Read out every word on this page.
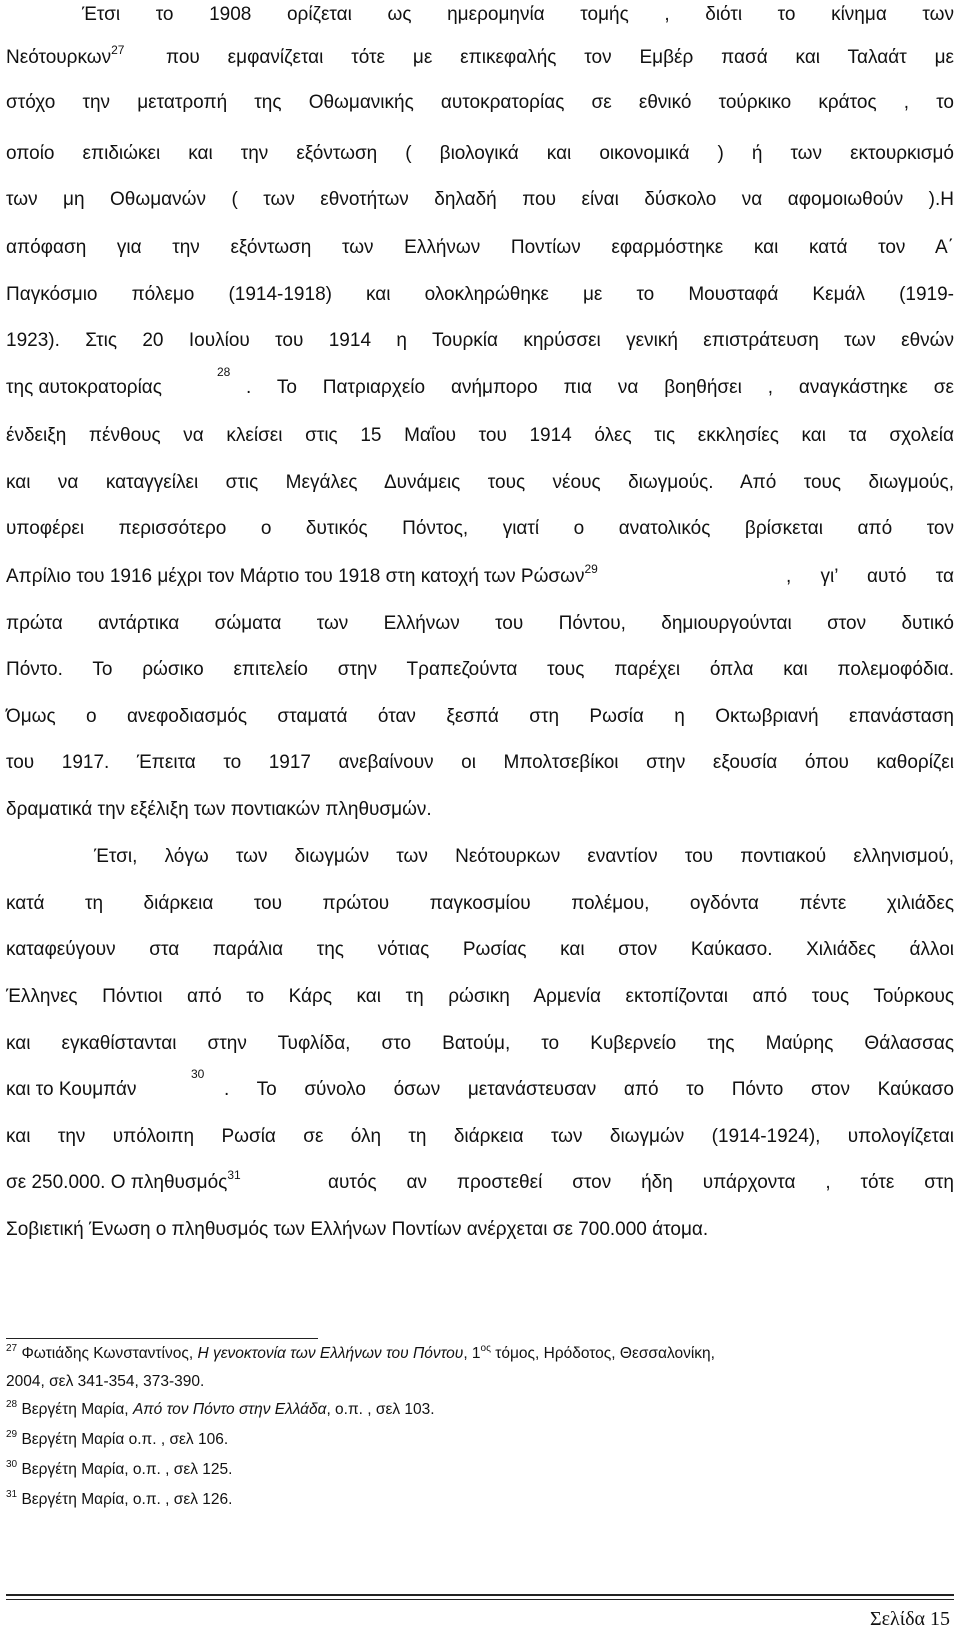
Έτσι το 1908 ορίζεται ως ημερομηνία τομής , διότι το κίνημα των
Νεότουρκων$^{27}$ που εμφανίζεται τότε με επικεφαλής τον Εμβέρ πασά και Ταλαάτ με
στόχο την μετατροπή της Οθωμανικής αυτοκρατορίας σε εθνικό τούρκικο κράτος , το
οποίο επιδιώκει και την εξόντωση ( βιολογικά και οικονομικά ) ή των εκτουρκισμό
των μη Οθωμανών ( των εθνοτήτων δηλαδή που είναι δύσκολο να αφομοιωθούν ).Η
απόφαση για την εξόντωση των Ελλήνων Ποντίων εφαρμόστηκε και κατά τον Α΄
Παγκόσμιο πόλεμο (1914-1918) και ολοκληρώθηκε με το Μουσταφά Κεμάλ (1919-
1923). Στις 20 Ιουλίου του 1914 η Τουρκία κηρύσσει γενική επιστράτευση των εθνών
της αυτοκρατορίας
28
. Το Πατριαρχείο ανήμπορο πια να βοηθήσει , αναγκάστηκε σε
ένδειξη πένθους να κλείσει στις 15 Μαΐου του 1914 όλες τις εκκλησίες και τα σχολεία
και να καταγγείλει στις Μεγάλες Δυνάμεις τους νέους διωγμούς. Από τους διωγμούς,
υποφέρει περισσότερο ο δυτικός Πόντος, γιατί ο ανατολικός βρίσκεται από τον
Απρίλιο του 1916 μέχρι τον Μάρτιο του 1918 στη κατοχή των Ρώσων$^{29}$	, γι’ αυτό τα
πρώτα αντάρτικα σώματα των Ελλήνων του Πόντου, δημιουργούνται στον δυτικό
Πόντο. Το ρώσικο επιτελείο στην Τραπεζούντα τους παρέχει όπλα και πολεμοφόδια.
Όμως ο ανεφοδιασμός σταματά όταν ξεσπά στη Ρωσία η Οκτωβριανή επανάσταση
του 1917. Έπειτα το 1917 ανεβαίνουν οι Μπολτσεβίκοι στην εξουσία όπου καθορίζει
δραματικά την εξέλιξη των ποντιακών πληθυσμών.
Έτσι, λόγω των διωγμών των Νεότουρκων εναντίον του ποντιακού ελληνισμού,
κατά τη διάρκεια του πρώτου παγκοσμίου πολέμου, ογδόντα πέντε χιλιάδες
καταφεύγουν στα παράλια της νότιας Ρωσίας και στον Καύκασο. Χιλιάδες άλλοι
Έλληνες Πόντιοι από το Κάρς και τη ρώσικη Αρμενία εκτοπίζονται από τους Τούρκους
και εγκαθίστανται στην Τυφλίδα, στο Βατούμ, το Κυβερνείο της Μαύρης Θάλασσας
και το Κουμπάν
30
. Το σύνολο όσων μετανάστευσαν από το Πόντο στον Καύκασο
και την υπόλοιπη Ρωσία σε όλη τη διάρκεια των διωγμών (1914-1924), υπολογίζεται
σε 250.000. Ο πληθυσμός$^{31}$	αυτός αν προστεθεί στον ήδη υπάρχοντα , τότε στη
Σοβιετική Ένωση ο πληθυσμός των Ελλήνων Ποντίων ανέρχεται σε 700.000 άτομα.
$^{27}$ Φωτιάδης Κωνσταντίνος, Η γενοκτονία των Ελλήνων του Πόντου, $1^{o\varsigma}$ τόμος, Ηρόδοτος, Θεσσαλονίκη,
2004, σελ 341-354, 373-390.
$^{28}$ Βεργέτη Μαρία, Από τον Πόντο στην Ελλάδα, ο.π. , σελ 103.
$^{29}$ Βεργέτη Μαρία ο.π. , σελ 106.
$^{30}$ Βεργέτη Μαρία, ο.π. , σελ 125.
$^{31}$ Βεργέτη Μαρία, ο.π. , σελ 126.
Σελίδα 15
